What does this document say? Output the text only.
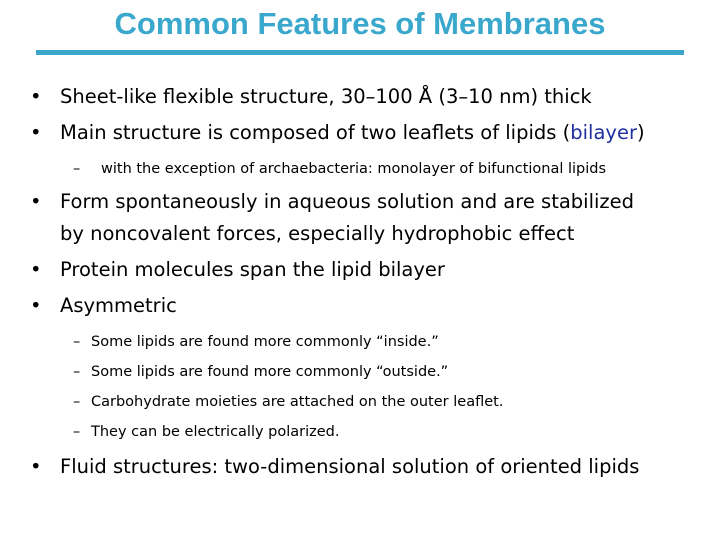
Common Features of Membranes
• Sheet-like flexible structure, 30–100 Å (3–10 nm) thick
• Main structure is composed of two leaflets of lipids (bilayer)
– with the exception of archaebacteria: monolayer of bifunctional lipids
• Form spontaneously in aqueous solution and are stabilized
by noncovalent forces, especially hydrophobic effect
• Protein molecules span the lipid bilayer
• Asymmetric
– Some lipids are found more commonly “inside.”
– Some lipids are found more commonly “outside.”
– Carbohydrate moieties are attached on the outer leaflet.
– They can be electrically polarized.
• Fluid structures: two-dimensional solution of oriented lipids
